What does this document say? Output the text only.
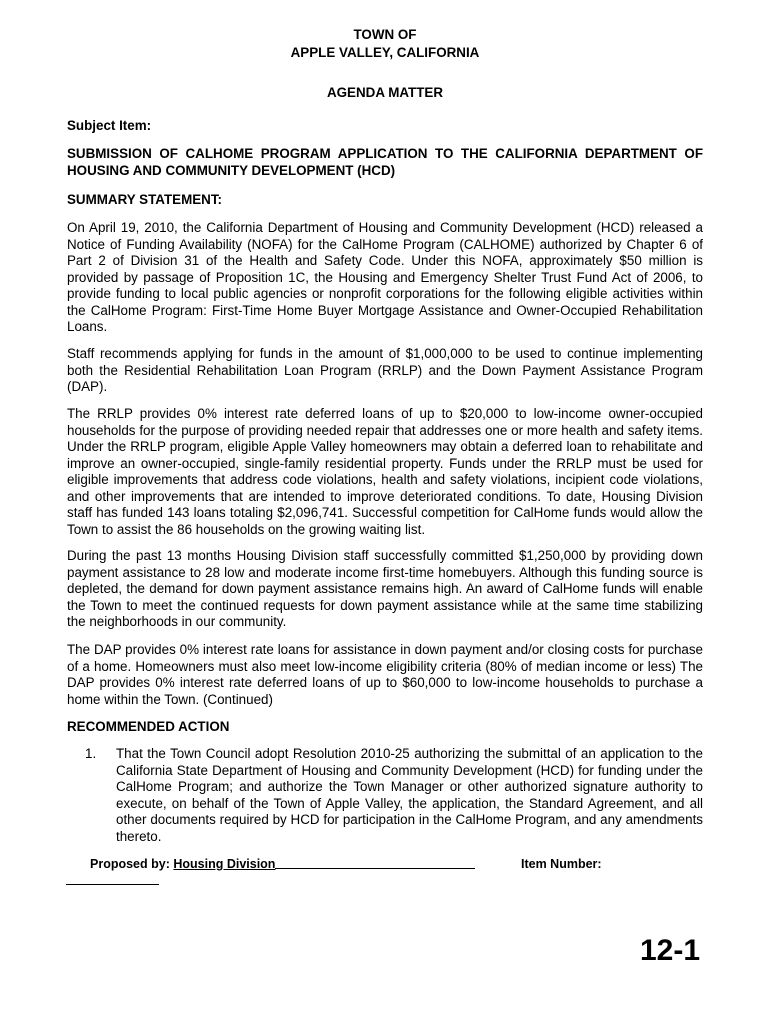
TOWN OF
APPLE VALLEY, CALIFORNIA
AGENDA MATTER
Subject Item:

SUBMISSION OF CALHOME PROGRAM APPLICATION TO THE CALIFORNIA DEPARTMENT OF HOUSING AND COMMUNITY DEVELOPMENT (HCD)

SUMMARY STATEMENT:

On April 19, 2010, the California Department of Housing and Community Development (HCD) released a Notice of Funding Availability (NOFA) for the CalHome Program (CALHOME) authorized by Chapter 6 of Part 2 of Division 31 of the Health and Safety Code. Under this NOFA, approximately $50 million is provided by passage of Proposition 1C, the Housing and Emergency Shelter Trust Fund Act of 2006, to provide funding to local public agencies or nonprofit corporations for the following eligible activities within the CalHome Program: First-Time Home Buyer Mortgage Assistance and Owner-Occupied Rehabilitation Loans.

Staff recommends applying for funds in the amount of $1,000,000 to be used to continue implementing both the Residential Rehabilitation Loan Program (RRLP) and the Down Payment Assistance Program (DAP).

The RRLP provides 0% interest rate deferred loans of up to $20,000 to low-income owner-occupied households for the purpose of providing needed repair that addresses one or more health and safety items. Under the RRLP program, eligible Apple Valley homeowners may obtain a deferred loan to rehabilitate and improve an owner-occupied, single-family residential property. Funds under the RRLP must be used for eligible improvements that address code violations, health and safety violations, incipient code violations, and other improvements that are intended to improve deteriorated conditions. To date, Housing Division staff has funded 143 loans totaling $2,096,741. Successful competition for CalHome funds would allow the Town to assist the 86 households on the growing waiting list.

During the past 13 months Housing Division staff successfully committed $1,250,000 by providing down payment assistance to 28 low and moderate income first-time homebuyers. Although this funding source is depleted, the demand for down payment assistance remains high. An award of CalHome funds will enable the Town to meet the continued requests for down payment assistance while at the same time stabilizing the neighborhoods in our community.

The DAP provides 0% interest rate loans for assistance in down payment and/or closing costs for purchase of a home. Homeowners must also meet low-income eligibility criteria (80% of median income or less) The DAP provides 0% interest rate deferred loans of up to $60,000 to low-income households to purchase a home within the Town. (Continued)

RECOMMENDED ACTION
1. That the Town Council adopt Resolution 2010-25 authorizing the submittal of an application to the California State Department of Housing and Community Development (HCD) for funding under the CalHome Program; and authorize the Town Manager or other authorized signature authority to execute, on behalf of the Town of Apple Valley, the application, the Standard Agreement, and all other documents required by HCD for participation in the CalHome Program, and any amendments thereto.
Proposed by: Housing Division	Item Number:
12-1
